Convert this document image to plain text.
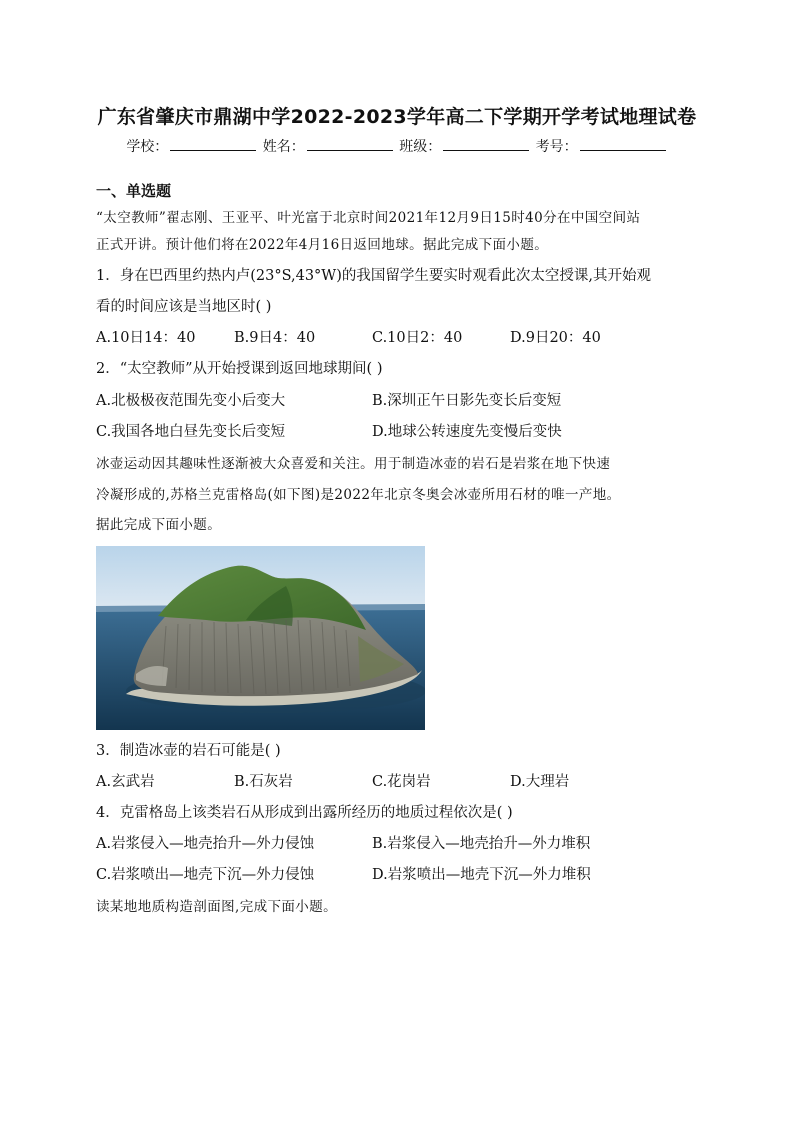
广东省肇庆市鼎湖中学2022-2023学年高二下学期开学考试地理试卷
学校：	姓名：	班级：	考号：
一、单选题
“太空教师”翟志刚、王亚平、叶光富于北京时间2021年12月9日15时40分在中国空间站
正式开讲。预计他们将在2022年4月16日返回地球。据此完成下面小题。
1．身在巴西里约热内卢(23°S,43°W)的我国留学生要实时观看此次太空授课,其开始观
看的时间应该是当地区时( )
A.10日14：40	B.9日4：40	C.10日2：40	D.9日20：40
2．“太空教师”从开始授课到返回地球期间( )
A.北极极夜范围先变小后变大	B.深圳正午日影先变长后变短
C.我国各地白昼先变长后变短	D.地球公转速度先变慢后变快
冰壶运动因其趣味性逐渐被大众喜爱和关注。用于制造冰壶的岩石是岩浆在地下快速
冷凝形成的,苏格兰克雷格岛(如下图)是2022年北京冬奥会冰壶所用石材的唯一产地。
据此完成下面小题。
3．制造冰壶的岩石可能是( )
A.玄武岩	B.石灰岩	C.花岗岩	D.大理岩
4．克雷格岛上该类岩石从形成到出露所经历的地质过程依次是( )
A.岩浆侵入—地壳抬升—外力侵蚀	B.岩浆侵入—地壳抬升—外力堆积
C.岩浆喷出—地壳下沉—外力侵蚀	D.岩浆喷出—地壳下沉—外力堆积
读某地地质构造剖面图,完成下面小题。
